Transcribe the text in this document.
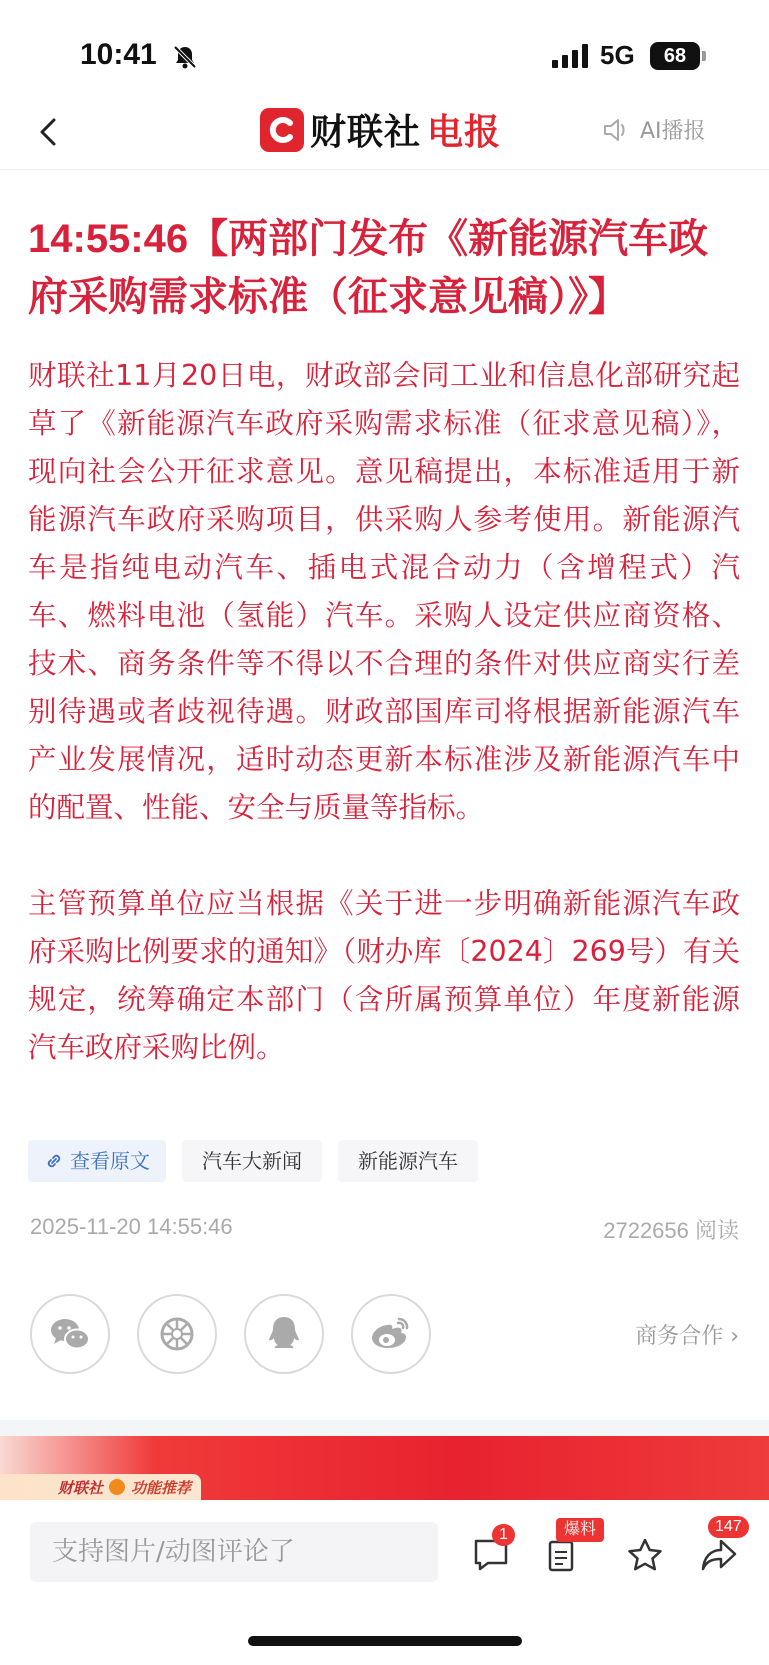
10:41	5G	68
财联社 电报	AI播报
14:55:46【两部门发布《新能源汽车政府采购需求标准（征求意见稿）》】

财联社11月20日电，财政部会同工业和信息化部研究起草了《新能源汽车政府采购需求标准（征求意见稿）》，现向社会公开征求意见。意见稿提出，本标准适用于新能源汽车政府采购项目，供采购人参考使用。新能源汽车是指纯电动汽车、插电式混合动力（含增程式）汽车、燃料电池（氢能）汽车。采购人设定供应商资格、技术、商务条件等不得以不合理的条件对供应商实行差别待遇或者歧视待遇。财政部国库司将根据新能源汽车产业发展情况，适时动态更新本标准涉及新能源汽车中的配置、性能、安全与质量等指标。

主管预算单位应当根据《关于进一步明确新能源汽车政府采购比例要求的通知》（财办库〔2024〕269号）有关规定，统筹确定本部门（含所属预算单位）年度新能源汽车政府采购比例。

查看原文	汽车大新闻	新能源汽车
2025-11-20 14:55:46	2722656 阅读
商务合作 ›
财联社 功能推荐
支持图片/动图评论了
1	爆料	147
